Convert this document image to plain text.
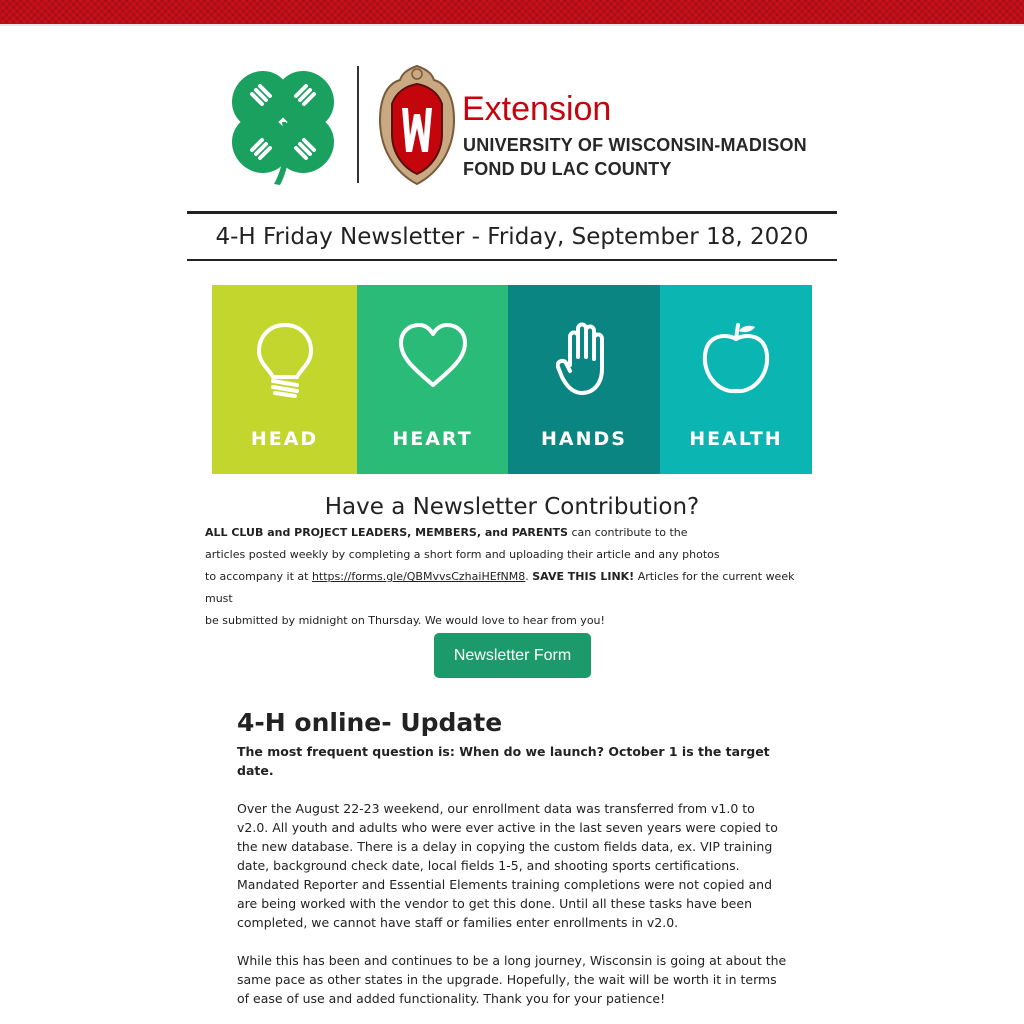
Extension
UNIVERSITY OF WISCONSIN-MADISON
FOND DU LAC COUNTY
4-H Friday Newsletter - Friday, September 18, 2020
HEAD	HEART	HANDS	HEALTH
Have a Newsletter Contribution?
ALL CLUB and PROJECT LEADERS, MEMBERS, and PARENTS can contribute to the
articles posted weekly by completing a short form and uploading their article and any photos
to accompany it at https://forms.gle/QBMvvsCzhaiHEfNM8. SAVE THIS LINK! Articles for the current week must
be submitted by midnight on Thursday. We would love to hear from you!
Newsletter Form
4-H online- Update

The most frequent question is: When do we launch? October 1 is the target date.

Over the August 22-23 weekend, our enrollment data was transferred from v1.0 to v2.0. All youth and adults who were ever active in the last seven years were copied to the new database. There is a delay in copying the custom fields data, ex. VIP training date, background check date, local fields 1-5, and shooting sports certifications. Mandated Reporter and Essential Elements training completions were not copied and are being worked with the vendor to get this done. Until all these tasks have been completed, we cannot have staff or families enter enrollments in v2.0.

While this has been and continues to be a long journey, Wisconsin is going at about the same pace as other states in the upgrade. Hopefully, the wait will be worth it in terms of ease of use and added functionality. Thank you for your patience!
